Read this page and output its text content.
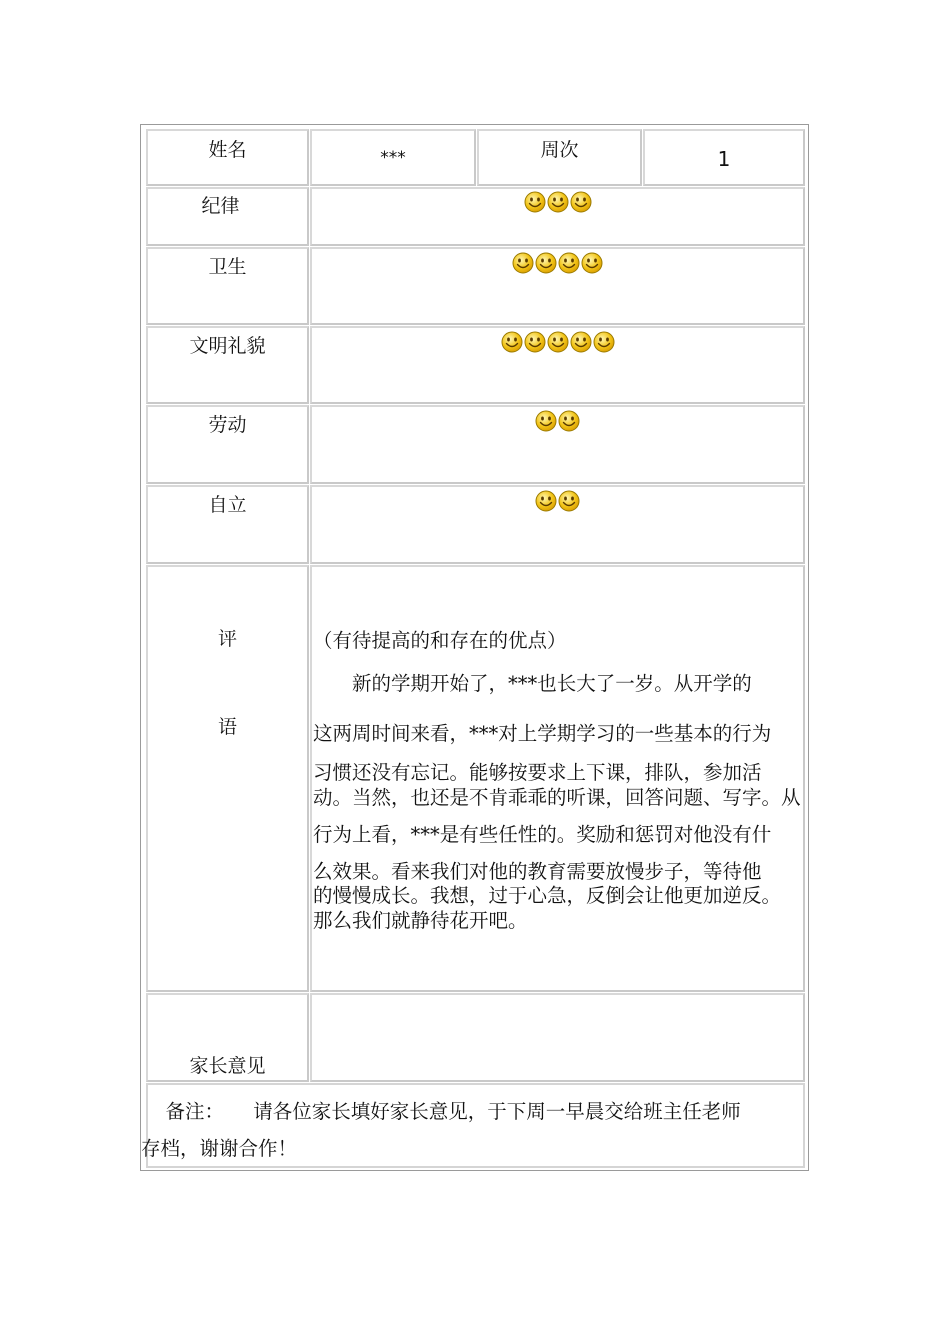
姓名	***	周次	1
纪律
卫生
文明礼貌
劳动
自立
评
语
（有待提高的和存在的优点）
　　新的学期开始了，***也长大了一岁。从开学的
这两周时间来看，***对上学期学习的一些基本的行为
习惯还没有忘记。能够按要求上下课，排队，参加活
动。当然，也还是不肯乖乖的听课，回答问题、写字。从
行为上看，***是有些任性的。奖励和惩罚对他没有什
么效果。看来我们对他的教育需要放慢步子，等待他
的慢慢成长。我想，过于心急，反倒会让他更加逆反。
那么我们就静待花开吧。
家长意见
　备注：　　请各位家长填好家长意见，于下周一早晨交给班主任老师
存档，谢谢合作！
